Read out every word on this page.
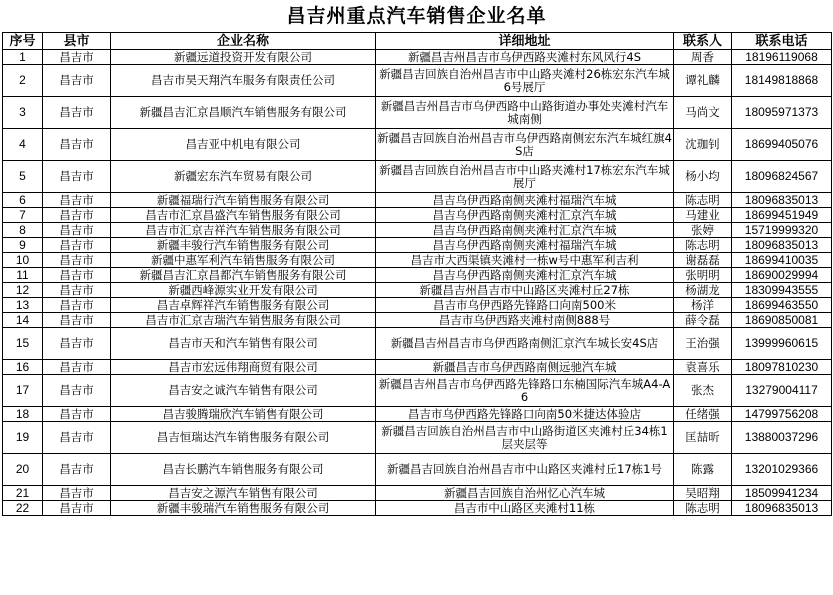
昌吉州重点汽车销售企业名单
序号	县市	企业名称	详细地址	联系人	联系电话
1	昌吉市	新疆远道投资开发有限公司	新疆昌吉州昌吉市乌伊西路夹滩村东风风行4S	周香	18196119068
2	昌吉市	昌吉市昊天翔汽车服务有限责任公司	新疆昌吉回族自治州昌吉市中山路夹滩村26栋宏东汽车城6号展厅	谭礼麟	18149818868
3	昌吉市	新疆昌吉汇京昌顺汽车销售服务有限公司	新疆昌吉州昌吉市乌伊西路中山路街道办事处夹滩村汽车城南侧	马尚文	18095971373
4	昌吉市	昌吉亚中机电有限公司	新疆昌吉回族自治州昌吉市乌伊西路南侧宏东汽车城红旗4S店	沈珈钊	18699405076
5	昌吉市	新疆宏东汽车贸易有限公司	新疆昌吉回族自治州昌吉市中山路夹滩村17栋宏东汽车城展厅	杨小均	18096824567
6	昌吉市	新疆福瑞行汽车销售服务有限公司	昌吉乌伊西路南侧夹滩村福瑞汽车城	陈志明	18096835013
7	昌吉市	昌吉市汇京昌盛汽车销售服务有限公司	昌吉乌伊西路南侧夹滩村汇京汽车城	马建业	18699451949
8	昌吉市	昌吉市汇京吉祥汽车销售服务有限公司	昌吉乌伊西路南侧夹滩村汇京汽车城	张婷	15719999320
9	昌吉市	新疆丰骏行汽车销售服务有限公司	昌吉乌伊西路南侧夹滩村福瑞汽车城	陈志明	18096835013
10	昌吉市	新疆中惠军利汽车销售服务有限公司	昌吉市大西渠镇夹滩村一栋w号中惠军利吉利	谢磊磊	18699410035
11	昌吉市	新疆昌吉汇京昌都汽车销售服务有限公司	昌吉乌伊西路南侧夹滩村汇京汽车城	张明明	18690029994
12	昌吉市	新疆西峰源实业开发有限公司	新疆昌吉州昌吉市中山路区夹滩村丘27栋	杨湖龙	18309943555
13	昌吉市	昌吉卓辉祥汽车销售服务有限公司	昌吉市乌伊西路先锋路口向南500米	杨洋	18699463550
14	昌吉市	昌吉市汇京吉瑞汽车销售服务有限公司	昌吉市乌伊西路夹滩村南侧888号	薛令磊	18690850081
15	昌吉市	昌吉市天和汽车销售有限公司	新疆昌吉州昌吉市乌伊西路南侧汇京汽车城长安4S店	王治强	13999960615
16	昌吉市	昌吉市宏远伟翔商贸有限公司	新疆昌吉市乌伊西路南侧远驰汽车城	袁喜乐	18097810230
17	昌吉市	昌吉安之诚汽车销售有限公司	新疆昌吉州昌吉市乌伊西路先锋路口东楠国际汽车城A4-A6	张杰	13279004117
18	昌吉市	昌吉骏腾瑞欣汽车销售有限公司	昌吉市乌伊西路先锋路口向南50米捷达体验店	任绪强	14799756208
19	昌吉市	昌吉恒瑞达汽车销售服务有限公司	新疆昌吉回族自治州昌吉市中山路街道区夹滩村丘34栋1层夹层等	匡喆昕	13880037296
20	昌吉市	昌吉长鹏汽车销售服务有限公司	新疆昌吉回族自治州昌吉市中山路区夹滩村丘17栋1号	陈露	13201029366
21	昌吉市	昌吉安之源汽车销售有限公司	新疆昌吉回族自治州忆心汽车城	吴昭翔	18509941234
22	昌吉市	新疆丰骏瑞汽车销售服务有限公司	昌吉市中山路区夹滩村11栋	陈志明	18096835013
